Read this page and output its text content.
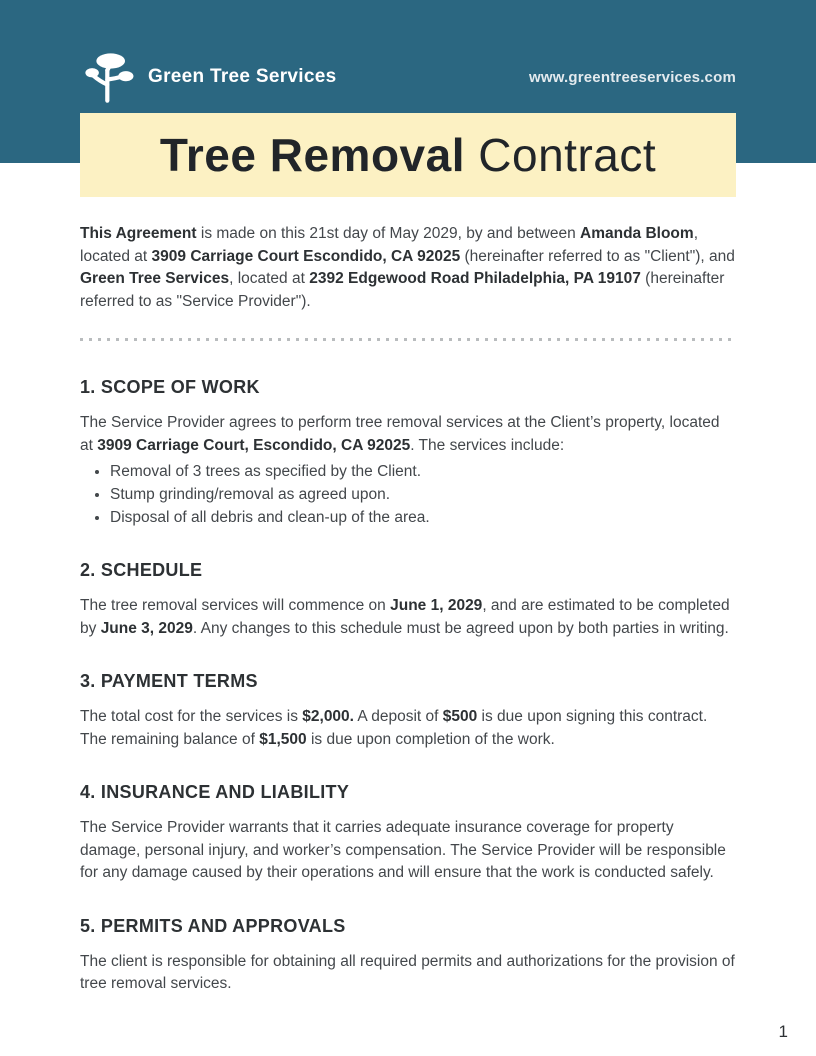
Green Tree Services	www.greentreeservices.com
Tree Removal Contract

This Agreement is made on this 21st day of May 2029, by and between Amanda Bloom, located at 3909 Carriage Court Escondido, CA 92025 (hereinafter referred to as "Client"), and Green Tree Services, located at 2392 Edgewood Road Philadelphia, PA 19107 (hereinafter referred to as "Service Provider").

1. SCOPE OF WORK

The Service Provider agrees to perform tree removal services at the Client’s property, located at 3909 Carriage Court, Escondido, CA 92025. The services include:

• Removal of 3 trees as specified by the Client.
• Stump grinding/removal as agreed upon.
• Disposal of all debris and clean-up of the area.
2. SCHEDULE

The tree removal services will commence on June 1, 2029, and are estimated to be completed by June 3, 2029. Any changes to this schedule must be agreed upon by both parties in writing.

3. PAYMENT TERMS

The total cost for the services is $2,000. A deposit of $500 is due upon signing this contract. The remaining balance of $1,500 is due upon completion of the work.

4. INSURANCE AND LIABILITY

The Service Provider warrants that it carries adequate insurance coverage for property damage, personal injury, and worker’s compensation. The Service Provider will be responsible for any damage caused by their operations and will ensure that the work is conducted safely.

5. PERMITS AND APPROVALS

The client is responsible for obtaining all required permits and authorizations for the provision of tree removal services.

1
